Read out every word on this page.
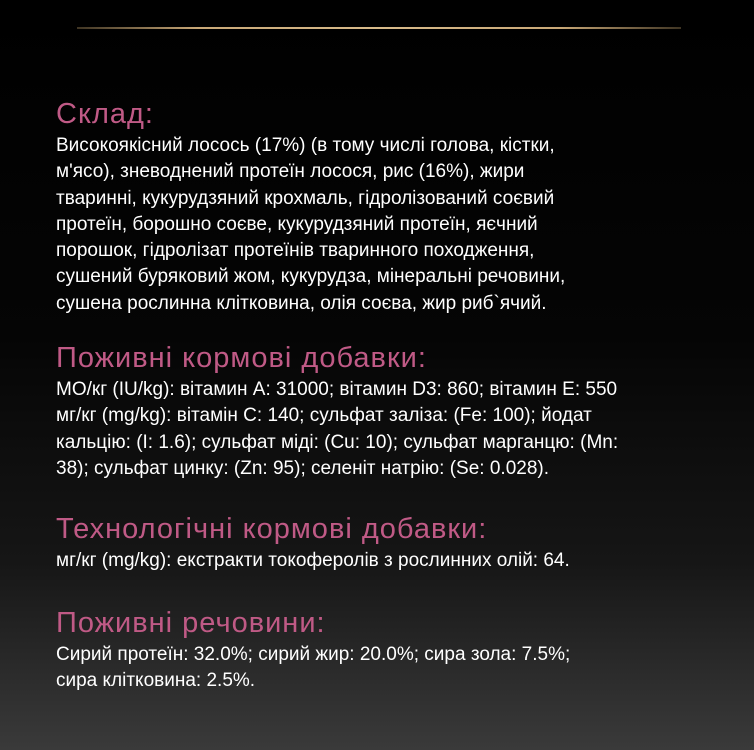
Склад:

Високоякісний лосось (17%) (в тому числі голова, кістки,
м'ясо), зневоднений протеїн лосося, рис (16%), жири
тваринні, кукурудзяний крохмаль, гідролізований соєвий
протеїн, борошно соєве, кукурудзяний протеїн, яєчний
порошок, гідролізат протеїнів тваринного походження,
сушений буряковий жом, кукурудза, мінеральні речовини,
сушена рослинна клітковина, олія соєва, жир риб`ячий.

Поживні кормові добавки:

МО/кг (IU/kg): вітамин A: 31000; вітамин D3: 860; вітамин E: 550
мг/кг (mg/kg): вітамін C: 140; сульфат заліза: (Fe: 100); йодат
кальцію: (I: 1.6); сульфат міді: (Cu: 10); сульфат марганцю: (Mn:
38); сульфат цинку: (Zn: 95); селеніт натрію: (Se: 0.028).

Технологічні кормові добавки:

мг/кг (mg/kg): екстракти токоферолів з рослинних олій: 64.

Поживні речовини:

Сирий протеїн: 32.0%; сирий жир: 20.0%; сира зола: 7.5%;
сира клітковина: 2.5%.
